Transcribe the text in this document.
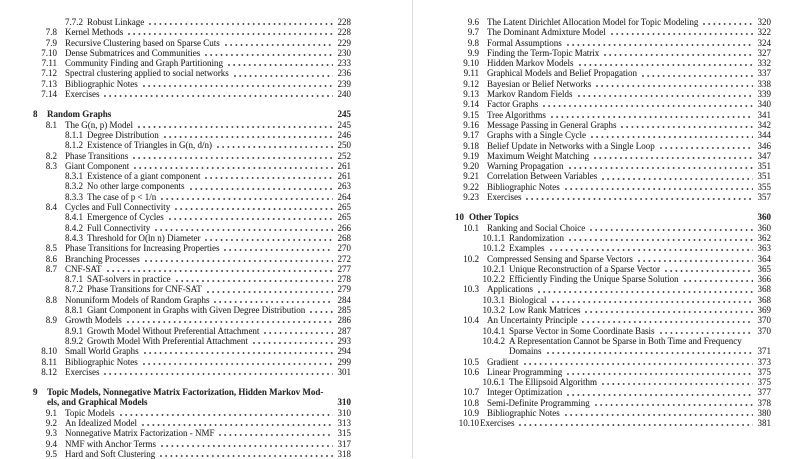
7.7.2 Robust Linkage	228
7.8 Kernel Methods	228
7.9 Recursive Clustering based on Sparse Cuts	229
7.10 Dense Submatrices and Communities	230
7.11 Community Finding and Graph Partitioning	233
7.12 Spectral clustering applied to social networks	236
7.13 Bibliographic Notes	239
7.14 Exercises	240
8	Random Graphs	245
8.1 The G(n, p) Model	245
8.1.1 Degree Distribution	246
8.1.2 Existence of Triangles in G(n, d/n)	250
8.2 Phase Transitions	252
8.3 Giant Component	261
8.3.1 Existence of a giant component	261
8.3.2 No other large components	263
8.3.3 The case of p < 1/n	264
8.4 Cycles and Full Connectivity	265
8.4.1 Emergence of Cycles	265
8.4.2 Full Connectivity	266
8.4.3 Threshold for O(ln n) Diameter	268
8.5 Phase Transitions for Increasing Properties	270
8.6 Branching Processes	272
8.7 CNF-SAT	277
8.7.1 SAT-solvers in practice	278
8.7.2 Phase Transitions for CNF-SAT	279
8.8 Nonuniform Models of Random Graphs	284
8.8.1 Giant Component in Graphs with Given Degree Distribution	285
8.9 Growth Models	286
8.9.1 Growth Model Without Preferential Attachment	287
8.9.2 Growth Model With Preferential Attachment	293
8.10 Small World Graphs	294
8.11 Bibliographic Notes	299
8.12 Exercises	301
9	Topic Models, Nonnegative Matrix Factorization, Hidden Markov Mod-
els, and Graphical Models	310
9.1 Topic Models	310
9.2 An Idealized Model	313
9.3 Nonnegative Matrix Factorization - NMF	315
9.4 NMF with Anchor Terms	317
9.5 Hard and Soft Clustering	318
9.6 The Latent Dirichlet Allocation Model for Topic Modeling	320
9.7 The Dominant Admixture Model	322
9.8 Formal Assumptions	324
9.9 Finding the Term-Topic Matrix	327
9.10 Hidden Markov Models	332
9.11 Graphical Models and Belief Propagation	337
9.12 Bayesian or Belief Networks	338
9.13 Markov Random Fields	339
9.14 Factor Graphs	340
9.15 Tree Algorithms	341
9.16 Message Passing in General Graphs	342
9.17 Graphs with a Single Cycle	344
9.18 Belief Update in Networks with a Single Loop	346
9.19 Maximum Weight Matching	347
9.20 Warning Propagation	351
9.21 Correlation Between Variables	351
9.22 Bibliographic Notes	355
9.23 Exercises	357
10 Other Topics	360
10.1 Ranking and Social Choice	360
10.1.1 Randomization	362
10.1.2 Examples	363
10.2 Compressed Sensing and Sparse Vectors	364
10.2.1 Unique Reconstruction of a Sparse Vector	365
10.2.2 Efficiently Finding the Unique Sparse Solution	366
10.3 Applications	368
10.3.1 Biological	368
10.3.2 Low Rank Matrices	369
10.4 An Uncertainty Principle	370
10.4.1 Sparse Vector in Some Coordinate Basis	370
10.4.2 A Representation Cannot be Sparse in Both Time and Frequency
Domains	371
10.5 Gradient	373
10.6 Linear Programming	375
10.6.1 The Ellipsoid Algorithm	375
10.7 Integer Optimization	377
10.8 Semi-Definite Programming	378
10.9 Bibliographic Notes	380
10.10 Exercises	381
